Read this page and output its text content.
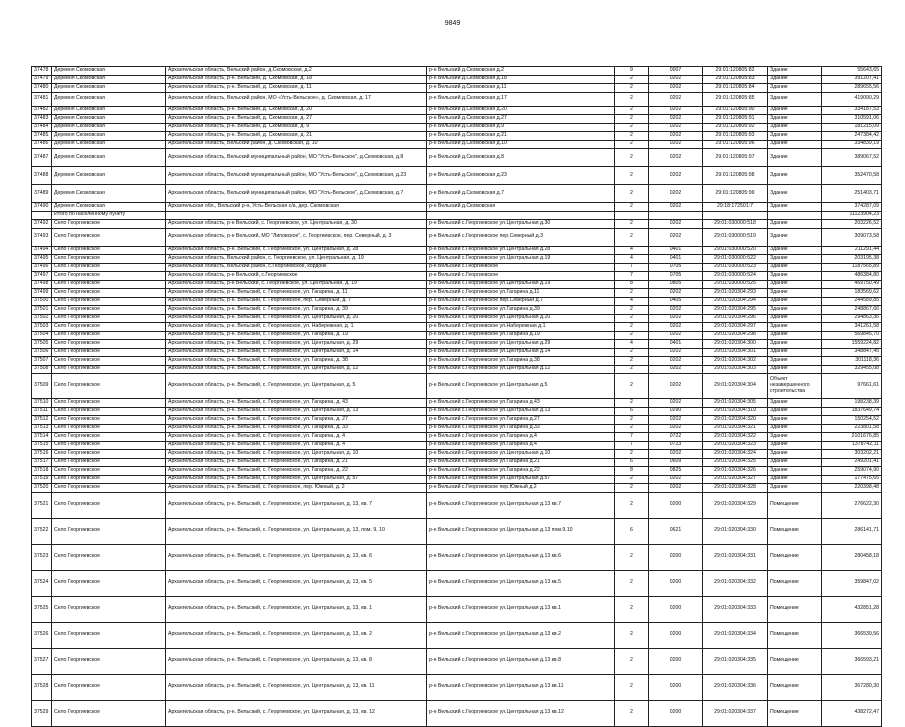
9849
37478	Деревня Скомовская	Архангельская область, Вельский район, д.Скомовская, д.2	р-н Вельский д.Скомовская д.2	9	0007	29:01:120805:82	Здание	55643,65
37479	Деревня Скомовская	Архангельская область, р-н. Вельский, д. Скомовская, д. 18	р-н Вельский д.Скомовская д.18	2	0202	29:01:120805:83	Здание	391207,41
37480	Деревня Скомовская	Архангельская область, р-н. Вельский, д. Скомовская, д. 11	р-н Вельский д.Скомовская д.11	2	0202	29:01:120805:84	Здание	289655,56
37481	Деревня Скомовская	Архангельская область, Вельский район, МО «Усть-Вельское», д. Скомовская, д. 17	р-н Вельский д.Скомовская д.17	2	0202	29:01:120805:85	Здание	419090,29
37482	Деревня Скомовская	Архангельская область, р-н. Вельский, д. Скомовская, д. 20	р-н Вельский д.Скомовская д.20	2	0202	29:01:120805:90	Здание	334187,53
37483	Деревня Скомовская	Архангельская область, р-н. Вельский, д. Скомовская, д. 27	р-н Вельский д.Скомовская д.27	2	0202	29:01:120805:91	Здание	310591,06
37484	Деревня Скомовская	Архангельская область, р-н. Вельский, д. Скомовская, д. 9	р-н Вельский д.Скомовская д.9	2	0202	29:01:120805:92	Здание	181215,09
37485	Деревня Скомовская	Архангельская область, р-н. Вельский, д. Скомовская, д. 21	р-н Вельский д.Скомовская д.21	2	0202	29:01:120805:93	Здание	247384,42
37486	Деревня Скомовская	Архангельская область, Вельский район, д. Скомовская, д. 10	р-н Вельский д.Скомовская д.10	2	0202	29:01:120805:96	Здание	334839,19
37487	Деревня Скомовская	Архангельская область, Вельский муниципальный район, МО "Усть-Вельское", д.Скомовская, д.8	р-н Вельский д.Скомовская д.8	2	0202	29:01:120805:97	Здание	389067,52
37488	Деревня Скомовская	Архангельская область, Вельский муниципальный район, МО "Усть-Вельское", д.Скомовская, д.23	р-н Вельский д.Скомовская д.23	2	0202	29:01:120805:98	Здание	352470,58
37489	Деревня Скомовская	Архангельская область, Вельский муниципальный район, МО "Усть-Вельское", д.Скомовская, д.7	р-н Вельский д.Скомовская д.7	2	0202	29:01:120805:99	Здание	251403,71
37490	Деревня Скомовская	Архангельская обл., Вельский р-н, Усть-Вельская с/а, дер. Скомовская	р-н Вельский д.Скомовская	2	0202	29:18:172501:7	Здание	374287,09
	Итого по населенному пункту							11123904,23
37492	Село Георгиевское	Архангельская область, р-н Вельский, с. Георгиевское, ул. Центральная, д. 30	р-н Вельский с.Георгиевское ул.Центральная д.30	2	0202	29:01:030000:518	Здание	203226,52
37493	Село Георгиевское	Архангельская область, р-н Вельский, МО "Липовское", с. Георгиевское, пер. Северный, д. 3	р-н Вельский с.Георгиевское пер.Северный д.3	2	0202	29:01:030000:519	Здание	309073,58
37494	Село Георгиевское	Архангельская область, р-н. Вельский, с. Георгиевское, ул. Центральная, д. 28	р-н Вельский с.Георгиевское ул.Центральная д.28	4	0401	29:01:030000:520	Здание	211291,44
37495	Село Георгиевское	Архангельская область, Вельский район, с. Георгиевское, ул. Центральная, д. 19	р-н Вельский с.Георгиевское ул.Центральная д.19	4	0401	29:01:030000:522	Здание	203195,38
37496	Село Георгиевское	Архангельская область, Вельский район, с.Георгиевское, кордонк	р-н Вельский с.Георгиевское	7	0705	29:01:030000:523	Здание	1187565,89
37497	Село Георгиевское	Архангельская область, р-н Вельский, с.Георгиевское	р-н Вельский с.Георгиевское	7	0705	29:01:030000:524	Здание	486384,80
37498	Село Георгиевское	Архангельская область, р-н Вельский, с. Георгиевское, ул. Центральная, д. 19	р-н Вельский с.Георгиевское ул.Центральная д.19	8	0805	29:01:030000:525	Здание	469750,49
37499	Село Георгиевское	Архангельская область, р-н. Вельский, с. Георгиевское, ул. Гагарина, д. 11	р-н Вельский с.Георгиевское ул.Гагарина д.11	2	0202	29:01:020304:293	Здание	183569,62
37500	Село Георгиевское	Архангельская область, р-н. Вельский, с. Георгиевское, пер. Северный, д. 7	р-н Вельский с.Георгиевское пер.Северный д.7	4	0405	29:01:020304:294	Здание	244589,85
37501	Село Георгиевское	Архангельская область, р-н. Вельский, с. Георгиевское, ул. Гагарина, д. 39	р-н Вельский с.Георгиевское ул.Гагарина д.39	2	0202	29:01:020304:295	Здание	248867,66
37502	Село Георгиевское	Архангельская область, р-н. Вельский, с. Георгиевское, ул. Центральная, д. 20	р-н Вельский с.Георгиевское ул.Центральная д.20	2	0202	29:01:020304:296	Здание	294863,36
37503	Село Георгиевское	Архангельская область, р-н. Вельский, с. Георгиевское, ул. Набережная, д. 1	р-н Вельский с.Георгиевское ул.Набережная д.1	2	0202	29:01:020304:297	Здание	341261,58
37504	Село Георгиевское	Архангельская область, р-н. Вельский, с. Георгиевское, ул. Гагарина, д. 19	р-н Вельский с.Георгиевское ул.Гагарина д.19	2	0202	29:01:020304:298	Здание	569845,70
37505	Село Георгиевское	Архангельская область, р-н. Вельский, с. Георгиевское, ул. Центральная, д. 29	р-н Вельский с.Георгиевское ул.Центральная д.29	4	0401	29:01:020304:300	Здание	1559224,82
37506	Село Георгиевское	Архангельская область, р-н. Вельский, с. Георгиевское, ул. Центральная, д. 14	р-н Вельский с.Георгиевское ул.Центральная д.14	2	0202	29:01:020304:301	Здание	348847,45
37507	Село Георгиевское	Архангельская область, р-н. Вельский, с. Георгиевское, ул. Гагарина, д. 38	р-н Вельский с.Георгиевское ул.Гагарина д.38	2	0202	29:01:020304:302	Здание	301118,36
37508	Село Георгиевское	Архангельская область, р-н. Вельский, с. Георгиевское, ул. Центральная, д. 12	р-н Вельский с.Георгиевское ул.Центральная д.12	2	0202	29:01:020304:303	Здание	329455,08
37509	Село Георгиевское	Архангельская область, р-н. Вельский, с. Георгиевское, ул. Центральная, д. 5	р-н Вельский с.Георгиевское ул.Центральная д.5	2	0202	29:01:020304:304	Объект незавершенного строительства	97661,61
37510	Село Георгиевское	Архангельская область, р-н. Вельский, с. Георгиевское, ул. Гагарина, д. 43	р-н Вельский с.Георгиевское ул.Гагарина д.43	2	0202	29:01:020304:305	Здание	198238,39
37511	Село Георгиевское	Архангельская область, р-н. Вельский, с. Георгиевское, ул. Центральная, д. 13	р-н Вельский с.Георгиевское ул.Центральная д.13	6	0290	29:01:020304:319	Здание	1837649,74
37512	Село Георгиевское	Архангельская область, р-н. Вельский, с. Георгиевское, ул. Гагарина, д. 27	р-н Вельский с.Георгиевское ул.Гагарина д.27	2	0202	29:01:020304:320	Здание	150254,52
37513	Село Георгиевское	Архангельская область, р-н. Вельский, с. Георгиевское, ул. Гагарина, д. 33	р-н Вельский с.Георгиевское ул.Гагарина д.33	2	0202	29:01:020304:321	Здание	223801,58
37514	Село Георгиевское	Архангельская область, р-н. Вельский, с. Георгиевское, ул. Гагарина, д. 4	р-н Вельский с.Георгиевское ул.Гагарина д.4	7	0722	29:01:020304:322	Здание	2101676,85
37515	Село Георгиевское	Архангельская область, р-н. Вельский, с. Георгиевское, ул. Гагарина, д. 4	р-н Вельский с.Георгиевское ул.Гагарина д.4	7	0723	29:01:020304:323	Здание	1378742,11
37516	Село Георгиевское	Архангельская область, р-н. Вельский, с. Георгиевское, ул. Центральная, д. 10	р-н Вельский с.Георгиевское ул.Центральная д.10	2	0202	29:01:020304:324	Здание	303202,21
37517	Село Георгиевское	Архангельская область, р-н. Вельский, с. Георгиевское, ул. Гагарина, д. 21	р-н Вельский с.Георгиевское ул.Гагарина д.21	6	0609	29:01:020304:325	Здание	249201,41
37518	Село Георгиевское	Архангельская область, р-н. Вельский, с. Георгиевское, ул. Гагарина, д. 22	р-н Вельский с.Георгиевское ул.Гагарина д.22	8	0825	29:01:020304:326	Здание	259074,90
37519	Село Георгиевское	Архангельская область, р-н. Вельский, с. Георгиевское, ул. Центральная, д. 57	р-н Вельский с.Георгиевское ул.Центральная д.57	2	0202	29:01:020304:327	Здание	177475,65
37520	Село Георгиевское	Архангельская область, р-н. Вельский, с. Георгиевское, пер. Южный, д. 2	р-н Вельский с.Георгиевское пер.Южный д.2	2	0202	29:01:020304:328	Здание	220398,48
37521	Село Георгиевское	Архангельская область, р-н. Вельский, с. Георгиевское, ул. Центральная, д. 13, кв. 7	р-н Вельский с.Георгиевское ул.Центральная д.13 кв.7	2	0200	29:01:020304:329	Помещение	276622,30
37522	Село Георгиевское	Архангельская область, р-н. Вельский, с. Георгиевское, ул. Центральная, д. 13, пом. 9, 10	р-н Вельский с.Георгиевское ул.Центральная д.13 пом.9,10	6	0621	29:01:020304:330	Помещение	286141,71
37523	Село Георгиевское	Архангельская область, р-н. Вельский, с. Георгиевское, ул. Центральная, д. 13, кв. 6	р-н Вельский с.Георгиевское ул.Центральная д.13 кв.6	2	0200	29:01:020304:331	Помещение	280458,18
37524	Село Георгиевское	Архангельская область, р-н. Вельский, с. Георгиевское, ул. Центральная, д. 13, кв. 5	р-н Вельский с.Георгиевское ул.Центральная д.13 кв.5	2	0200	29:01:020304:332	Помещение	359847,02
37525	Село Георгиевское	Архангельская область, р-н. Вельский, с. Георгиевское, ул. Центральная, д. 13, кв. 1	р-н Вельский с.Георгиевское ул.Центральная д.13 кв.1	2	0200	29:01:020304:333	Помещение	432851,28
37526	Село Георгиевское	Архангельская область, р-н. Вельский, с. Георгиевское, ул. Центральная, д. 13, кв. 2	р-н Вельский с.Георгиевское ул.Центральная д.13 кв.2	2	0200	29:01:020304:334	Помещение	366539,56
37527	Село Георгиевское	Архангельская область, р-н. Вельский, с. Георгиевское, ул. Центральная, д. 13, кв. 8	р-н Вельский с.Георгиевское ул.Центральная д.13 кв.8	2	0200	29:01:020304:335	Помещение	366593,21
37528	Село Георгиевское	Архангельская область, р-н. Вельский, с. Георгиевское, ул. Центральная, д. 13, кв. 11	р-н Вельский с.Георгиевское ул.Центральная д.13 кв.11	2	0200	29:01:020304:336	Помещение	367280,30
37529	Село Георгиевское	Архангельская область, р-н. Вельский, с. Георгиевское, ул. Центральная, д. 13, кв. 12	р-н Вельский с.Георгиевское ул.Центральная д.13 кв.12	2	0200	29:01:020304:337	Помещение	438272,47
